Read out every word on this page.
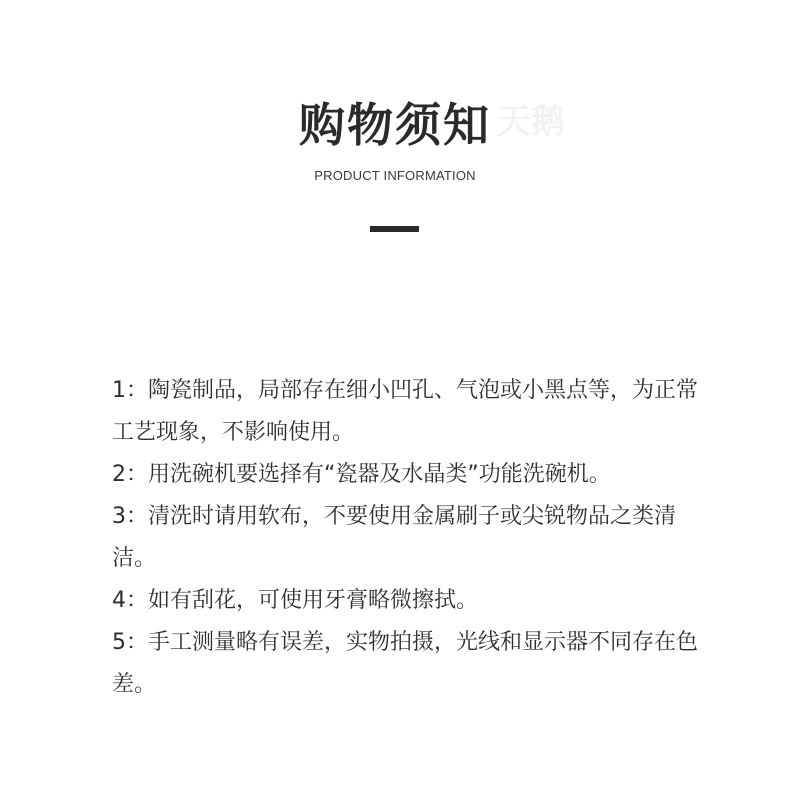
购物须知 天鹅
PRODUCT INFORMATION
1：陶瓷制品，局部存在细小凹孔、气泡或小黑点等，为正常工艺现象，不影响使用。
2：用洗碗机要选择有“瓷器及水晶类”功能洗碗机。
3：清洗时请用软布，不要使用金属刷子或尖锐物品之类清洁。
4：如有刮花，可使用牙膏略微擦拭。
5：手工测量略有误差，实物拍摄，光线和显示器不同存在色差。
